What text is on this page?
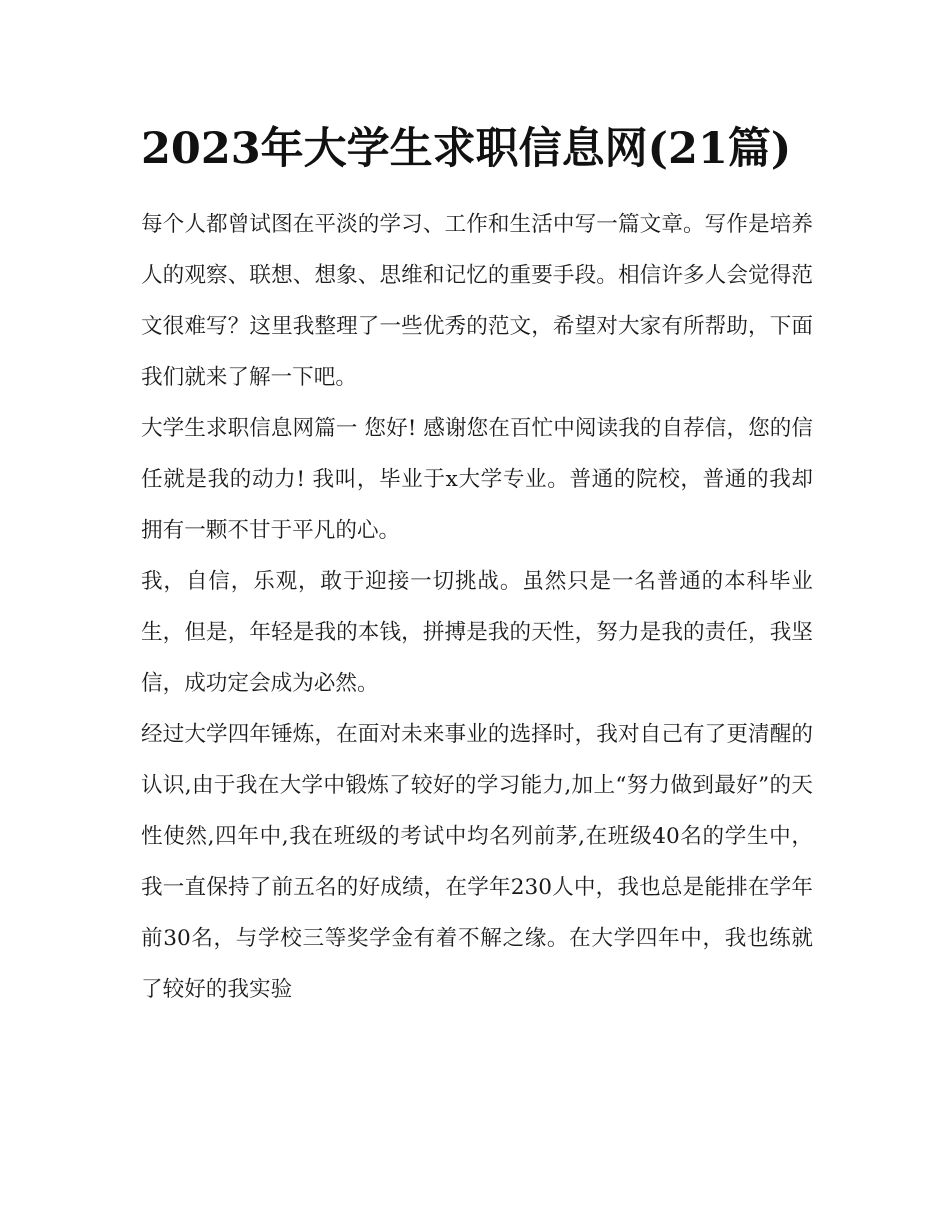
2023年大学生求职信息网(21篇)

每个人都曾试图在平淡的学习、工作和生活中写一篇文章。写作是培养人的观察、联想、想象、思维和记忆的重要手段。相信许多人会觉得范文很难写？这里我整理了一些优秀的范文，希望对大家有所帮助，下面我们就来了解一下吧。

大学生求职信息网篇一 您好! 感谢您在百忙中阅读我的自荐信，您的信任就是我的动力! 我叫，毕业于x大学专业。普通的院校，普通的我却拥有一颗不甘于平凡的心。

我，自信，乐观，敢于迎接一切挑战。虽然只是一名普通的本科毕业生，但是，年轻是我的本钱，拼搏是我的天性，努力是我的责任，我坚信，成功定会成为必然。

经过大学四年锤炼，在面对未来事业的选择时，我对自己有了更清醒的认识,由于我在大学中锻炼了较好的学习能力,加上“努力做到最好”的天性使然,四年中,我在班级的考试中均名列前茅,在班级40名的学生中，我一直保持了前五名的好成绩，在学年230人中，我也总是能排在学年前30名，与学校三等奖学金有着不解之缘。在大学四年中，我也练就了较好的我实验
